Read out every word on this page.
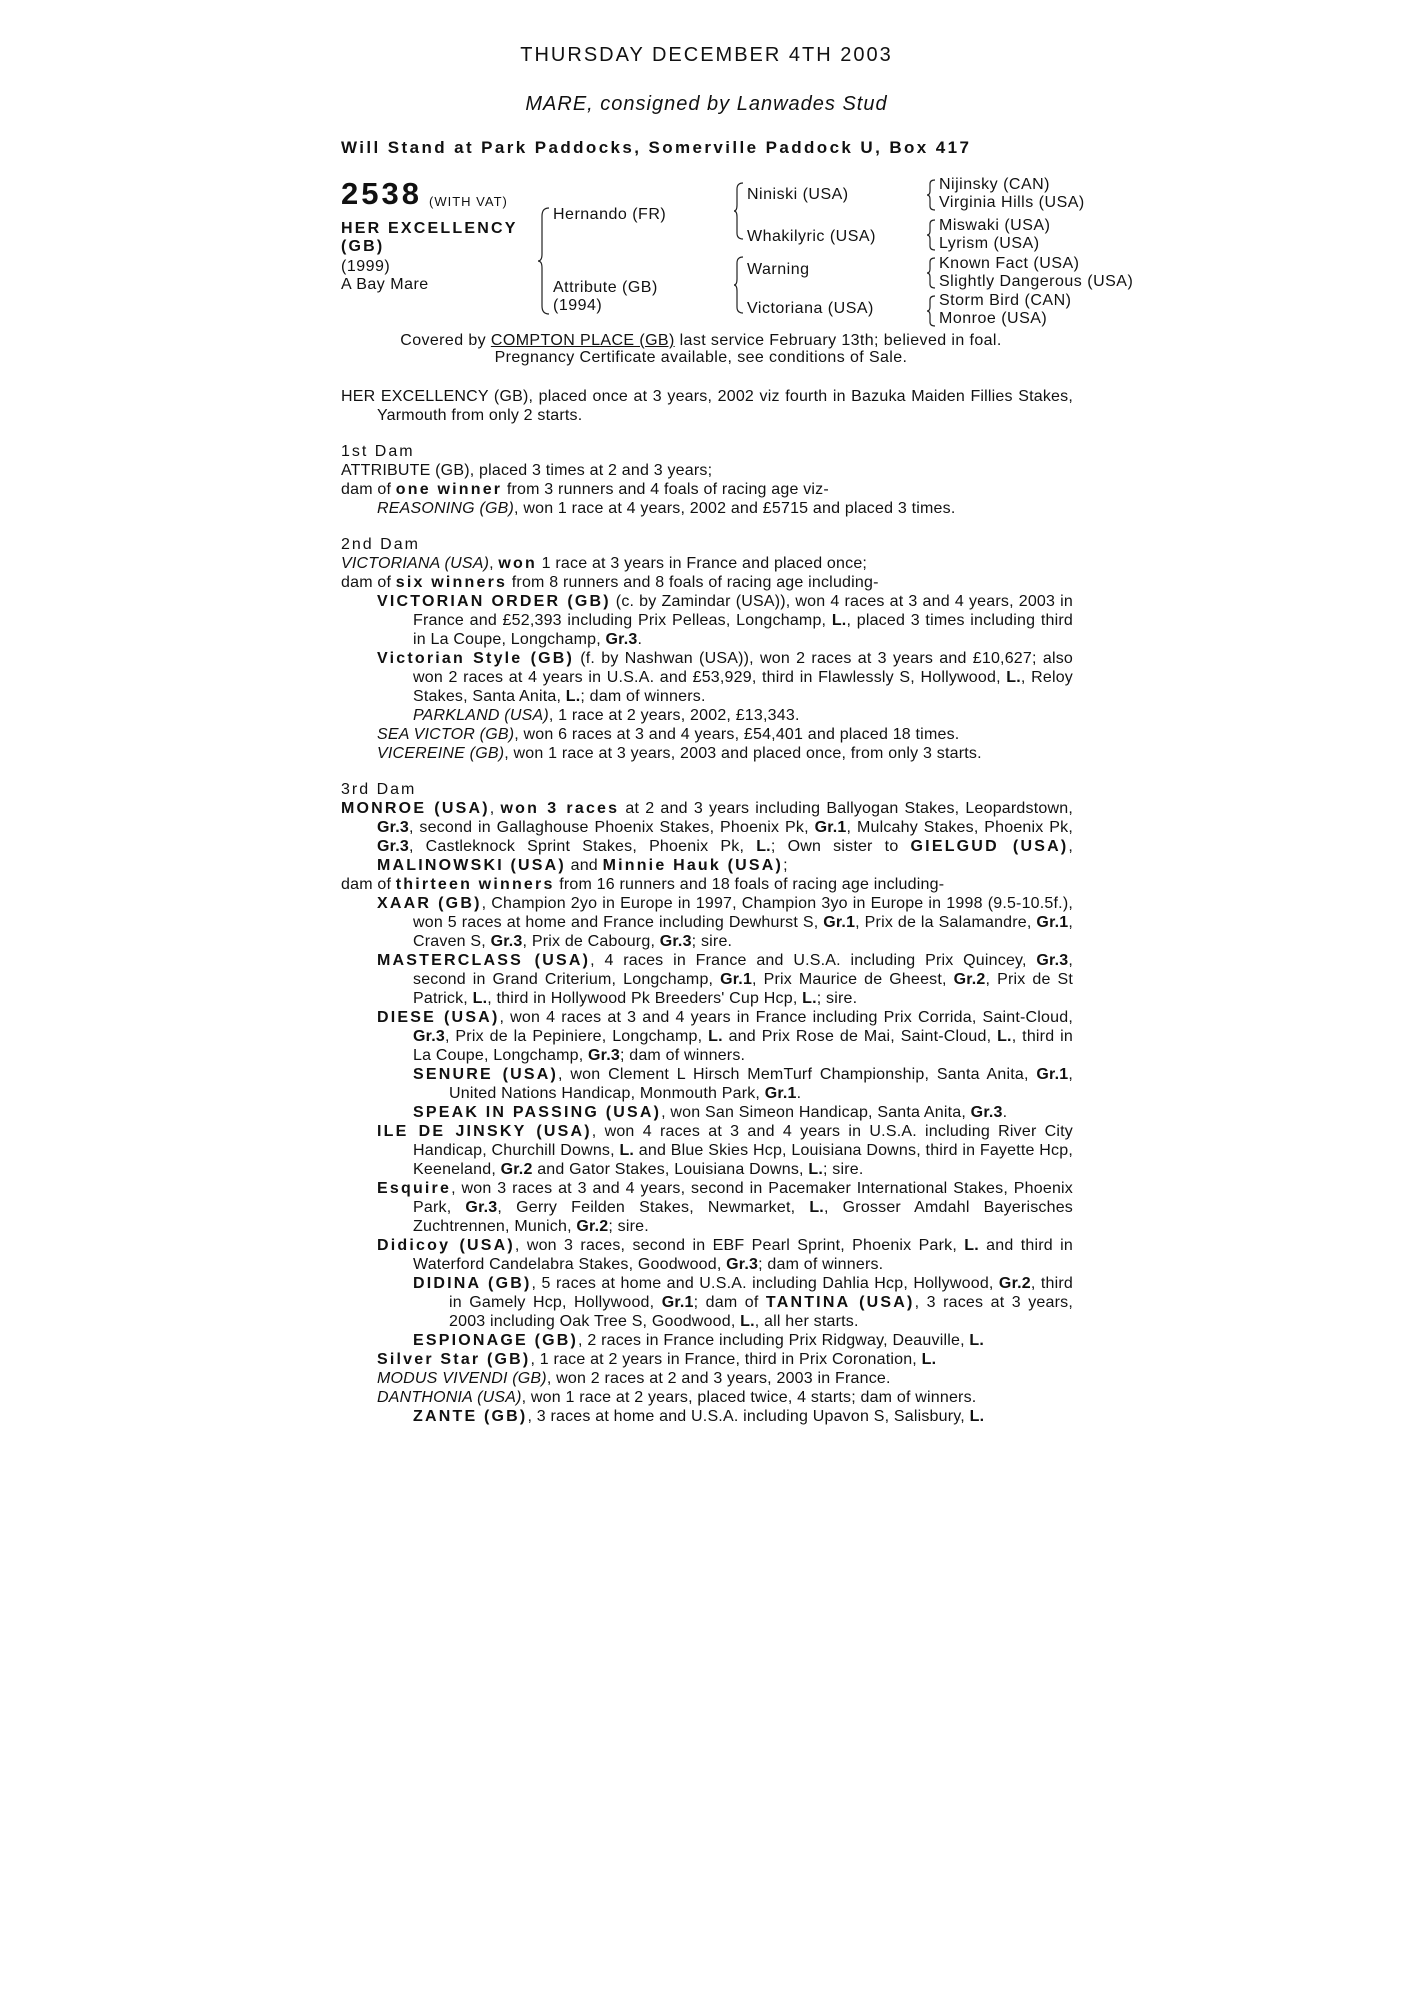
THURSDAY DECEMBER 4TH 2003
MARE, consigned by Lanwades Stud
Will Stand at Park Paddocks, Somerville Paddock U, Box 417
2538 (WITH VAT)
HER EXCELLENCY
(GB)
(1999)
A Bay Mare
Hernando (FR)
Attribute (GB)
(1994)
Niniski (USA)
Whakilyric (USA)
Warning
Victoriana (USA)
Nijinsky (CAN)
Virginia Hills (USA)
Miswaki (USA)
Lyrism (USA)
Known Fact (USA)
Slightly Dangerous (USA)
Storm Bird (CAN)
Monroe (USA)
Covered by COMPTON PLACE (GB) last service February 13th; believed in foal.
Pregnancy Certificate available, see conditions of Sale.

HER EXCELLENCY (GB), placed once at 3 years, 2002 viz fourth in Bazuka Maiden Fillies Stakes, Yarmouth from only 2 starts.

1st Dam

ATTRIBUTE (GB), placed 3 times at 2 and 3 years;

dam of one winner from 3 runners and 4 foals of racing age viz-

REASONING (GB), won 1 race at 4 years, 2002 and £5715 and placed 3 times.

2nd Dam

VICTORIANA (USA), won 1 race at 3 years in France and placed once;

dam of six winners from 8 runners and 8 foals of racing age including-

VICTORIAN ORDER (GB) (c. by Zamindar (USA)), won 4 races at 3 and 4 years, 2003 in France and £52,393 including Prix Pelleas, Longchamp, L., placed 3 times including third in La Coupe, Longchamp, Gr.3.

Victorian Style (GB) (f. by Nashwan (USA)), won 2 races at 3 years and £10,627; also won 2 races at 4 years in U.S.A. and £53,929, third in Flawlessly S, Hollywood, L., Reloy Stakes, Santa Anita, L.; dam of winners.

PARKLAND (USA), 1 race at 2 years, 2002, £13,343.

SEA VICTOR (GB), won 6 races at 3 and 4 years, £54,401 and placed 18 times.

VICEREINE (GB), won 1 race at 3 years, 2003 and placed once, from only 3 starts.

3rd Dam

MONROE (USA), won 3 races at 2 and 3 years including Ballyogan Stakes, Leopardstown, Gr.3, second in Gallaghouse Phoenix Stakes, Phoenix Pk, Gr.1, Mulcahy Stakes, Phoenix Pk, Gr.3, Castleknock Sprint Stakes, Phoenix Pk, L.; Own sister to GIELGUD (USA), MALINOWSKI (USA) and Minnie Hauk (USA);

dam of thirteen winners from 16 runners and 18 foals of racing age including-

XAAR (GB), Champion 2yo in Europe in 1997, Champion 3yo in Europe in 1998 (9.5-10.5f.), won 5 races at home and France including Dewhurst S, Gr.1, Prix de la Salamandre, Gr.1, Craven S, Gr.3, Prix de Cabourg, Gr.3; sire.

MASTERCLASS (USA), 4 races in France and U.S.A. including Prix Quincey, Gr.3, second in Grand Criterium, Longchamp, Gr.1, Prix Maurice de Gheest, Gr.2, Prix de St Patrick, L., third in Hollywood Pk Breeders' Cup Hcp, L.; sire.

DIESE (USA), won 4 races at 3 and 4 years in France including Prix Corrida, Saint-Cloud, Gr.3, Prix de la Pepiniere, Longchamp, L. and Prix Rose de Mai, Saint-Cloud, L., third in La Coupe, Longchamp, Gr.3; dam of winners.

SENURE (USA), won Clement L Hirsch MemTurf Championship, Santa Anita, Gr.1, United Nations Handicap, Monmouth Park, Gr.1.

SPEAK IN PASSING (USA), won San Simeon Handicap, Santa Anita, Gr.3.

ILE DE JINSKY (USA), won 4 races at 3 and 4 years in U.S.A. including River City Handicap, Churchill Downs, L. and Blue Skies Hcp, Louisiana Downs, third in Fayette Hcp, Keeneland, Gr.2 and Gator Stakes, Louisiana Downs, L.; sire.

Esquire, won 3 races at 3 and 4 years, second in Pacemaker International Stakes, Phoenix Park, Gr.3, Gerry Feilden Stakes, Newmarket, L., Grosser Amdahl Bayerisches Zuchtrennen, Munich, Gr.2; sire.

Didicoy (USA), won 3 races, second in EBF Pearl Sprint, Phoenix Park, L. and third in Waterford Candelabra Stakes, Goodwood, Gr.3; dam of winners.

DIDINA (GB), 5 races at home and U.S.A. including Dahlia Hcp, Hollywood, Gr.2, third in Gamely Hcp, Hollywood, Gr.1; dam of TANTINA (USA), 3 races at 3 years, 2003 including Oak Tree S, Goodwood, L., all her starts.

ESPIONAGE (GB), 2 races in France including Prix Ridgway, Deauville, L.

Silver Star (GB), 1 race at 2 years in France, third in Prix Coronation, L.

MODUS VIVENDI (GB), won 2 races at 2 and 3 years, 2003 in France.

DANTHONIA (USA), won 1 race at 2 years, placed twice, 4 starts; dam of winners.

ZANTE (GB), 3 races at home and U.S.A. including Upavon S, Salisbury, L.
